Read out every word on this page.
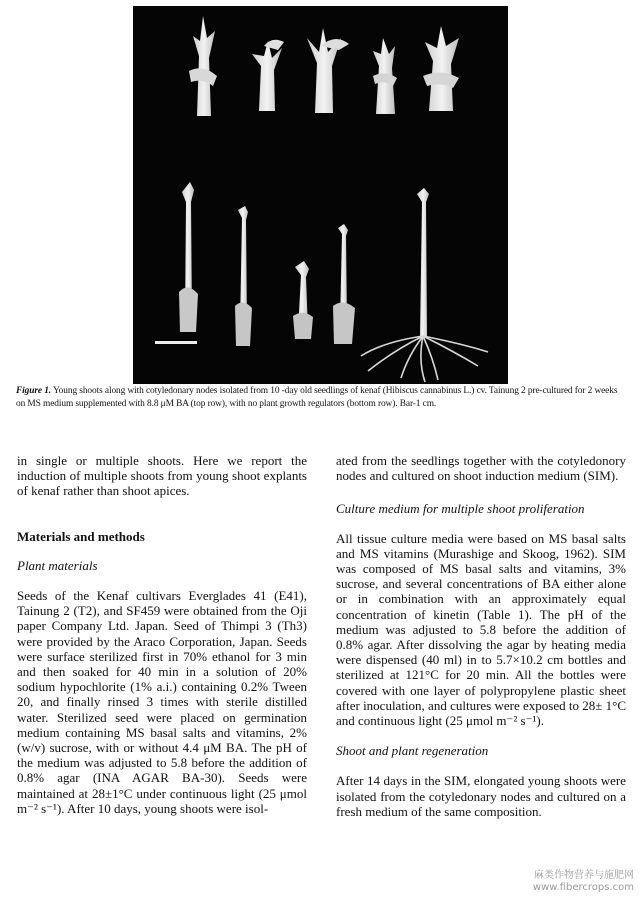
Figure 1. Young shoots along with cotyledonary nodes isolated from 10 -day old seedlings of kenaf (Hibiscus cannabinus L.) cv. Tainung 2 pre-cultured for 2 weeks on MS medium supplemented with 8.8 μM BA (top row), with no plant growth regulators (bottom row). Bar-1 cm.

in single or multiple shoots. Here we report the induction of multiple shoots from young shoot explants of kenaf rather than shoot apices.

Materials and methods

Plant materials

Seeds of the Kenaf cultivars Everglades 41 (E41), Tainung 2 (T2), and SF459 were obtained from the Oji paper Company Ltd. Japan. Seed of Thimpi 3 (Th3) were provided by the Araco Corporation, Japan. Seeds were surface sterilized first in 70% ethanol for 3 min and then soaked for 40 min in a solution of 20% sodium hypochlorite (1% a.i.) containing 0.2% Tween 20, and finally rinsed 3 times with sterile distilled water. Sterilized seed were placed on germination medium containing MS basal salts and vitamins, 2%(w/v) sucrose, with or without 4.4 μM BA. The pH of the medium was adjusted to 5.8 before the addition of 0.8% agar (INA AGAR BA-30). Seeds were maintained at 28±1°C under continuous light (25 μmol m⁻² s⁻¹). After 10 days, young shoots were isol-

ated from the seedlings together with the cotyledonory nodes and cultured on shoot induction medium (SIM).

Culture medium for multiple shoot proliferation

All tissue culture media were based on MS basal salts and MS vitamins (Murashige and Skoog, 1962). SIM was composed of MS basal salts and vitamins, 3% sucrose, and several concentrations of BA either alone or in combination with an approximately equal concentration of kinetin (Table 1). The pH of the medium was adjusted to 5.8 before the addition of 0.8% agar. After dissolving the agar by heating media were dispensed (40 ml) in to 5.7×10.2 cm bottles and sterilized at 121°C for 20 min. All the bottles were covered with one layer of polypropylene plastic sheet after inoculation, and cultures were exposed to 28± 1°C and continuous light (25 μmol m⁻² s⁻¹).

Shoot and plant regeneration

After 14 days in the SIM, elongated young shoots were isolated from the cotyledonary nodes and cultured on a fresh medium of the same composition.

麻类作物营养与施肥网
www.fibercrops.com
